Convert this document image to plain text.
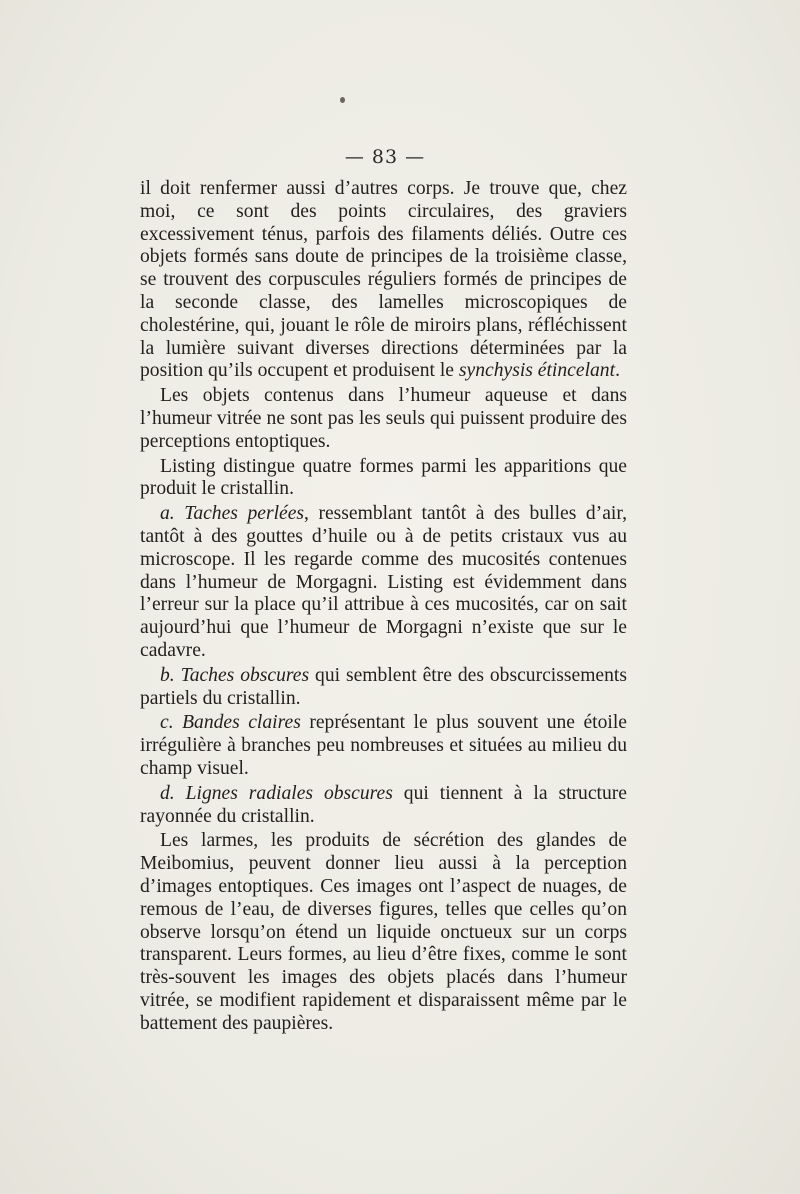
— 83 —

il doit renfermer aussi d’autres corps. Je trouve que, chez moi, ce sont des points circulaires, des graviers excessivement ténus, parfois des filaments déliés. Outre ces objets formés sans doute de principes de la troisième classe, se trouvent des corpuscules réguliers formés de principes de la seconde classe, des lamelles microscopiques de cholestérine, qui, jouant le rôle de miroirs plans, réfléchissent la lumière suivant diverses directions déterminées par la position qu’ils occupent et produisent le synchysis étincelant.

Les objets contenus dans l’humeur aqueuse et dans l’humeur vitrée ne sont pas les seuls qui puissent produire des perceptions entoptiques.

Listing distingue quatre formes parmi les apparitions que produit le cristallin.

a. Taches perlées, ressemblant tantôt à des bulles d’air, tantôt à des gouttes d’huile ou à de petits cristaux vus au microscope. Il les regarde comme des mucosités contenues dans l’humeur de Morgagni. Listing est évidemment dans l’erreur sur la place qu’il attribue à ces mucosités, car on sait aujourd’hui que l’humeur de Morgagni n’existe que sur le cadavre.

b. Taches obscures qui semblent être des obscurcissements partiels du cristallin.

c. Bandes claires représentant le plus souvent une étoile irrégulière à branches peu nombreuses et situées au milieu du champ visuel.

d. Lignes radiales obscures qui tiennent à la structure rayonnée du cristallin.

Les larmes, les produits de sécrétion des glandes de Meibomius, peuvent donner lieu aussi à la perception d’images entoptiques. Ces images ont l’aspect de nuages, de remous de l’eau, de diverses figures, telles que celles qu’on observe lorsqu’on étend un liquide onctueux sur un corps transparent. Leurs formes, au lieu d’être fixes, comme le sont très-souvent les images des objets placés dans l’humeur vitrée, se modifient rapidement et disparaissent même par le battement des paupières.
